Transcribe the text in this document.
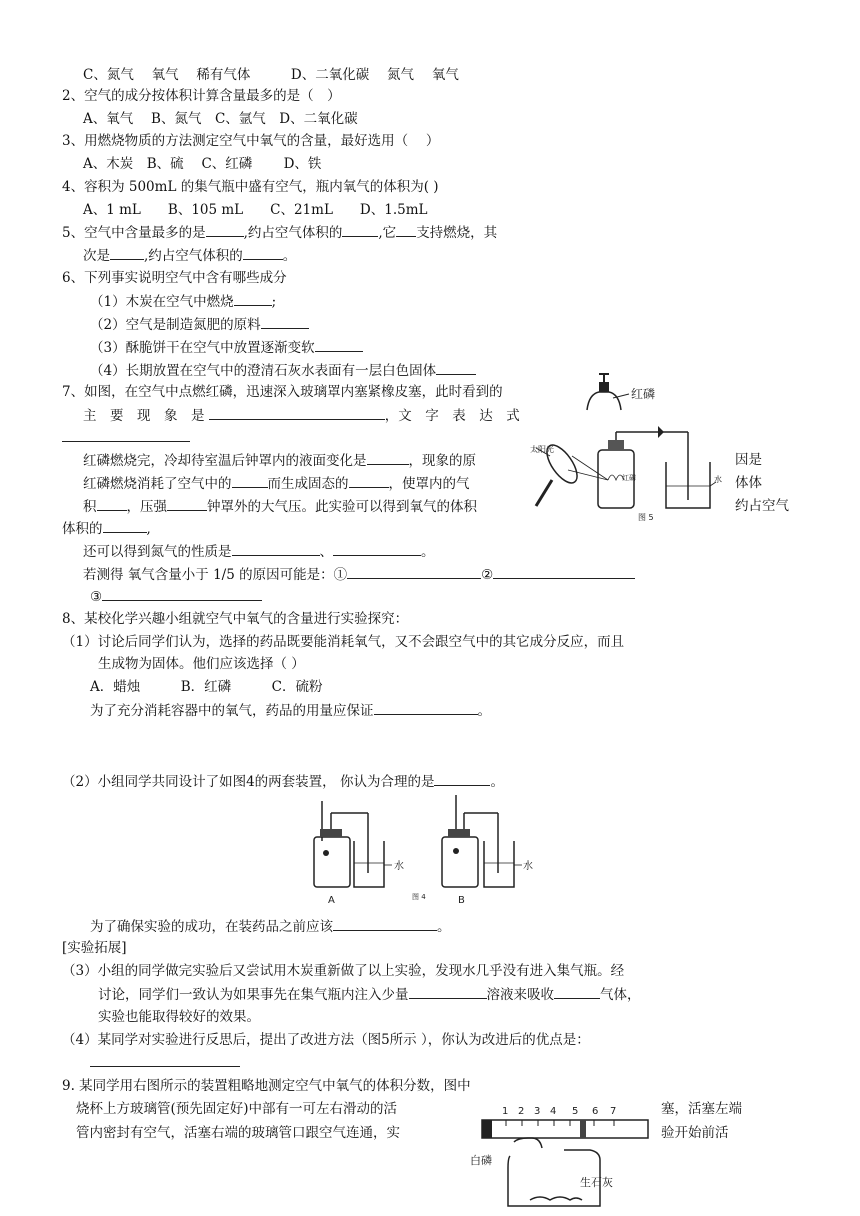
C、氮气　 氧气　 稀有气体　　　D、二氧化碳　 氮气　 氧气
2、空气的成分按体积计算含量最多的是（　）
A、氧气　 B、氮气　C、氩气　D、二氧化碳
3、用燃烧物质的方法测定空气中氧气的含量，最好选用（　 ）
A、木炭　B、硫　 C、红磷　　 D、铁
4、容积为 500mL 的集气瓶中盛有空气，瓶内氧气的体积为( )
A、1 mL　　B、105 mL　　C、21mL　　D、1.5mL
5、空气中含量最多的是	,约占空气体积的	,它 支持燃烧，其
次是	,约占空气体积的	。
6、下列事实说明空气中含有哪些成分
（1）木炭在空气中燃烧	;
（2）空气是制造氮肥的原料
（3）酥脆饼干在空气中放置逐渐变软
（4）长期放置在空气中的澄清石灰水表面有一层白色固体
7、如图，在空气中点燃红磷，迅速深入玻璃罩内塞紧橡皮塞，此时看到的
主　要　现　象　是	，文　字　表　达　式
红磷燃烧完，冷却待室温后钟罩内的液面变化是	，现象的原	因是
红磷燃烧消耗了空气中的	而生成固态的	，使罩内的气	体体
积 ，压强	钟罩外的大气压。此实验可以得到氧气的体积	约占空气
体积的	,
还可以得到氮气的性质是	、	。
若测得 氧气含量小于 1/5 的原因可能是：①	②
③
8、某校化学兴趣小组就空气中氧气的含量进行实验探究：
（1）讨论后同学们认为，选择的药品既要能消耗氧气，又不会跟空气中的其它成分反应，而且
生成物为固体。他们应该选择（ ）
A．蜡烛　　　B．红磷　　　C．硫粉
为了充分消耗容器中的氧气，药品的用量应保证	。
（2）小组同学共同设计了如图4的两套装置， 你认为合理的是	。
为了确保实验的成功，在装药品之前应该	。
[实验拓展]
（3）小组的同学做完实验后又尝试用木炭重新做了以上实验，发现水几乎没有进入集气瓶。经
讨论，同学们一致认为如果事先在集气瓶内注入少量	溶液来吸收	气体，
实验也能取得较好的效果。
（4）某同学对实验进行反思后，提出了改进方法（图5所示 ），你认为改进后的优点是：
9. 某同学用右图所示的装置粗略地测定空气中氧气的体积分数，图中
烧杯上方玻璃管(预先固定好)中部有一可左右滑动的活	塞，活塞左端
管内密封有空气，活塞右端的玻璃管口跟空气连通，实	验开始前活
红磷
太阳光
红磷	水
图 5
水
A
水
B
图 4
1 2 3 4 5 6 7
白磷
生石灰
